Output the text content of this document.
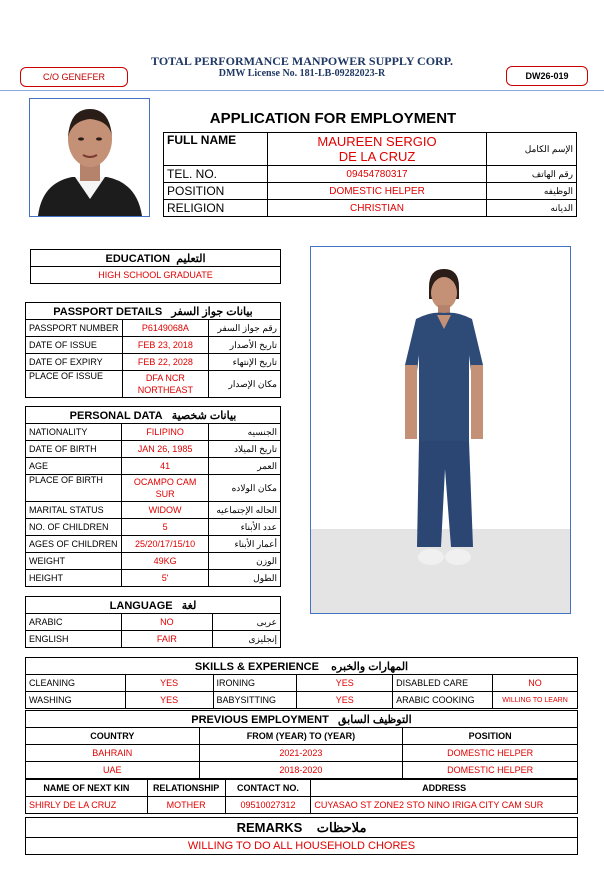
TOTAL PERFORMANCE MANPOWER SUPPLY CORP.
DMW License No. 181-LB-09282023-R
C/O GENEFER	DW26-019
APPLICATION FOR EMPLOYMENT
FULL NAME	MAUREEN SERGIO
DE LA CRUZ	الإسم الكامل
TEL. NO.	09454780317	رقم الهاتف
POSITION	DOMESTIC HELPER	الوظيفه
RELIGION	CHRISTIAN	الديانه
EDUCATION التعليم
HIGH SCHOOL GRADUATE
PASSPORT DETAILS بيانات جواز السفر		
PASSPORT NUMBER	P6149068A	رقم جواز السفر
DATE OF ISSUE	FEB 23, 2018	تاريخ الأصدار
DATE OF EXPIRY	FEB 22, 2028	تاريخ الإنتهاء
PLACE OF ISSUE	DFA NCR
NORTHEAST	مكان الإصدار
PERSONAL DATA بيانات شخصية		
NATIONALITY	FILIPINO	الجنسيه
DATE OF BIRTH	JAN 26, 1985	تاريخ الميلاد
AGE	41	العمر
PLACE OF BIRTH	OCAMPO CAM
SUR	مكان الولاده
MARITAL STATUS	WIDOW	الحاله الإجتماعيه
NO. OF CHILDREN	5	عدد الأبناء
AGES OF CHILDREN	25/20/17/15/10	أعمار الأبناء
WEIGHT	49KG	الوزن
HEIGHT	5'	الطول
LANGUAGE لغة		
ARABIC	NO	عربى
ENGLISH	FAIR	إنجليزى
SKILLS & EXPERIENCE المهارات والخبره					
CLEANING	YES	IRONING	YES	DISABLED CARE	NO
WASHING	YES	BABYSITTING	YES	ARABIC COOKING	WILLING TO LEARN
PREVIOUS EMPLOYMENT التوظيف السابق		
COUNTRY	FROM (YEAR) TO (YEAR)	POSITION
BAHRAIN	2021-2023	DOMESTIC HELPER
UAE	2018-2020	DOMESTIC HELPER
NAME OF NEXT KIN	RELATIONSHIP	CONTACT NO.	ADDRESS
SHIRLY DE LA CRUZ	MOTHER	09510027312	CUYASAO ST ZONE2 STO NINO IRIGA CITY CAM SUR
REMARKS ملاحظات
WILLING TO DO ALL HOUSEHOLD CHORES
